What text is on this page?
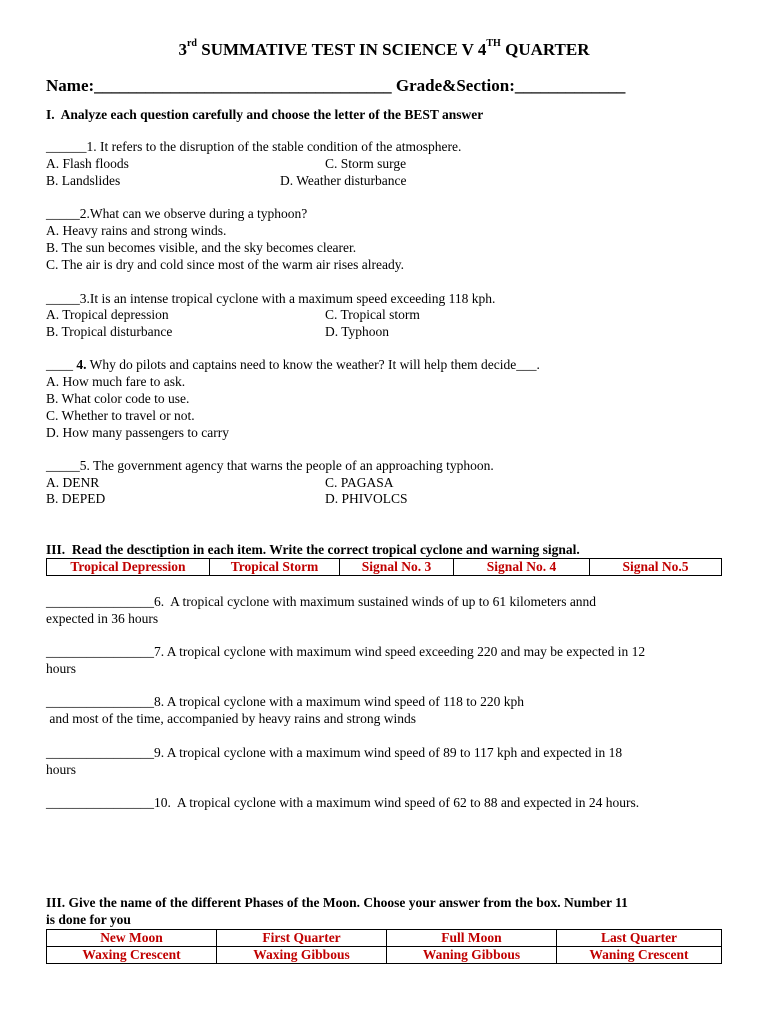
3rd SUMMATIVE TEST IN SCIENCE V 4TH QUARTER
Name:___________________________________ Grade&Section:_____________
I.  Analyze each question carefully and choose the letter of the BEST answer
______1. It refers to the disruption of the stable condition of the atmosphere.
A. Flash floods	C. Storm surge
B. Landslides	D. Weather disturbance
_____2.What can we observe during a typhoon?
A. Heavy rains and strong winds.
B. The sun becomes visible, and the sky becomes clearer.
C. The air is dry and cold since most of the warm air rises already.
_____3.It is an intense tropical cyclone with a maximum speed exceeding 118 kph.
A. Tropical depression	C. Tropical storm
B. Tropical disturbance	D. Typhoon
____ 4. Why do pilots and captains need to know the weather? It will help them decide___.
A. How much fare to ask.
B. What color code to use.
C. Whether to travel or not.
D. How many passengers to carry
_____5. The government agency that warns the people of an approaching typhoon.
A. DENR	C. PAGASA
B. DEPED	D. PHIVOLCS
III.  Read the desctiption in each item. Write the correct tropical cyclone and warning signal.
Tropical Depression	Tropical Storm	Signal No. 3	Signal No. 4	Signal No.5
________________6.  A tropical cyclone with maximum sustained winds of up to 61 kilometers annd
expected in 36 hours
________________7. A tropical cyclone with maximum wind speed exceeding 220 and may be expected in 12
hours
________________8. A tropical cyclone with a maximum wind speed of 118 to 220 kph
and most of the time, accompanied by heavy rains and strong winds
________________9. A tropical cyclone with a maximum wind speed of 89 to 117 kph and expected in 18
hours
________________10.  A tropical cyclone with a maximum wind speed of 62 to 88 and expected in 24 hours.
III. Give the name of the different Phases of the Moon. Choose your answer from the box. Number 11
is done for you
New Moon	First Quarter	Full Moon	Last Quarter
Waxing Crescent	Waxing Gibbous	Waning Gibbous	Waning Crescent
